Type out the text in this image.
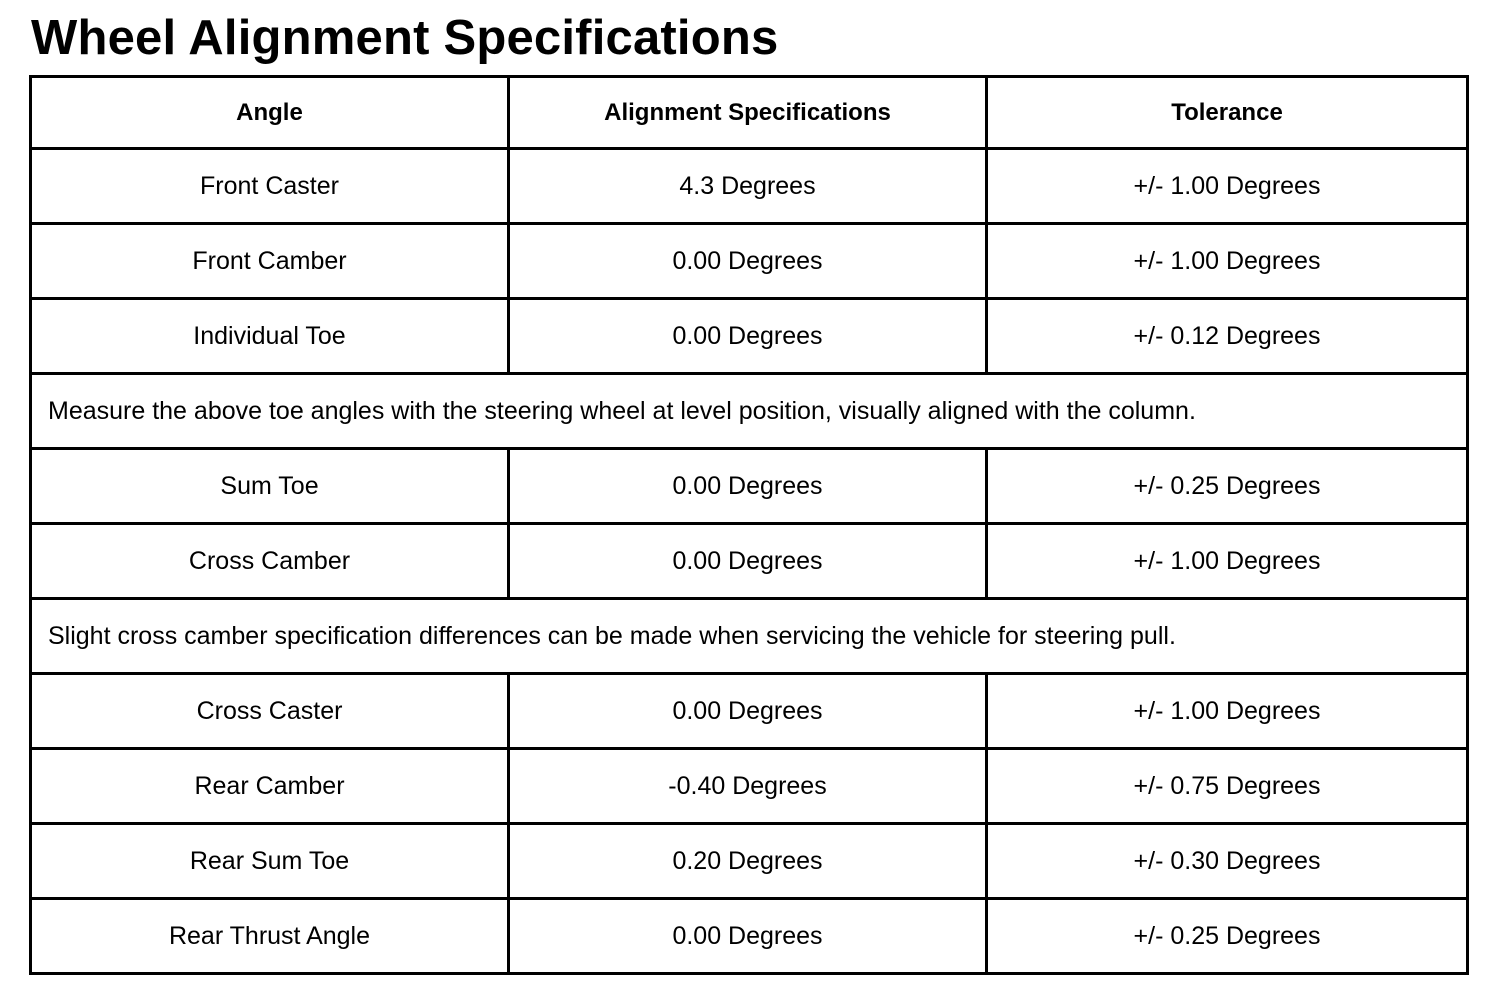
Wheel Alignment Specifications
Angle	Alignment Specifications	Tolerance
Front Caster	4.3 Degrees	+/- 1.00 Degrees
Front Camber	0.00 Degrees	+/- 1.00 Degrees
Individual Toe	0.00 Degrees	+/- 0.12 Degrees
Measure the above toe angles with the steering wheel at level position, visually aligned with the column.		
Sum Toe	0.00 Degrees	+/- 0.25 Degrees
Cross Camber	0.00 Degrees	+/- 1.00 Degrees
Slight cross camber specification differences can be made when servicing the vehicle for steering pull.		
Cross Caster	0.00 Degrees	+/- 1.00 Degrees
Rear Camber	-0.40 Degrees	+/- 0.75 Degrees
Rear Sum Toe	0.20 Degrees	+/- 0.30 Degrees
Rear Thrust Angle	0.00 Degrees	+/- 0.25 Degrees
